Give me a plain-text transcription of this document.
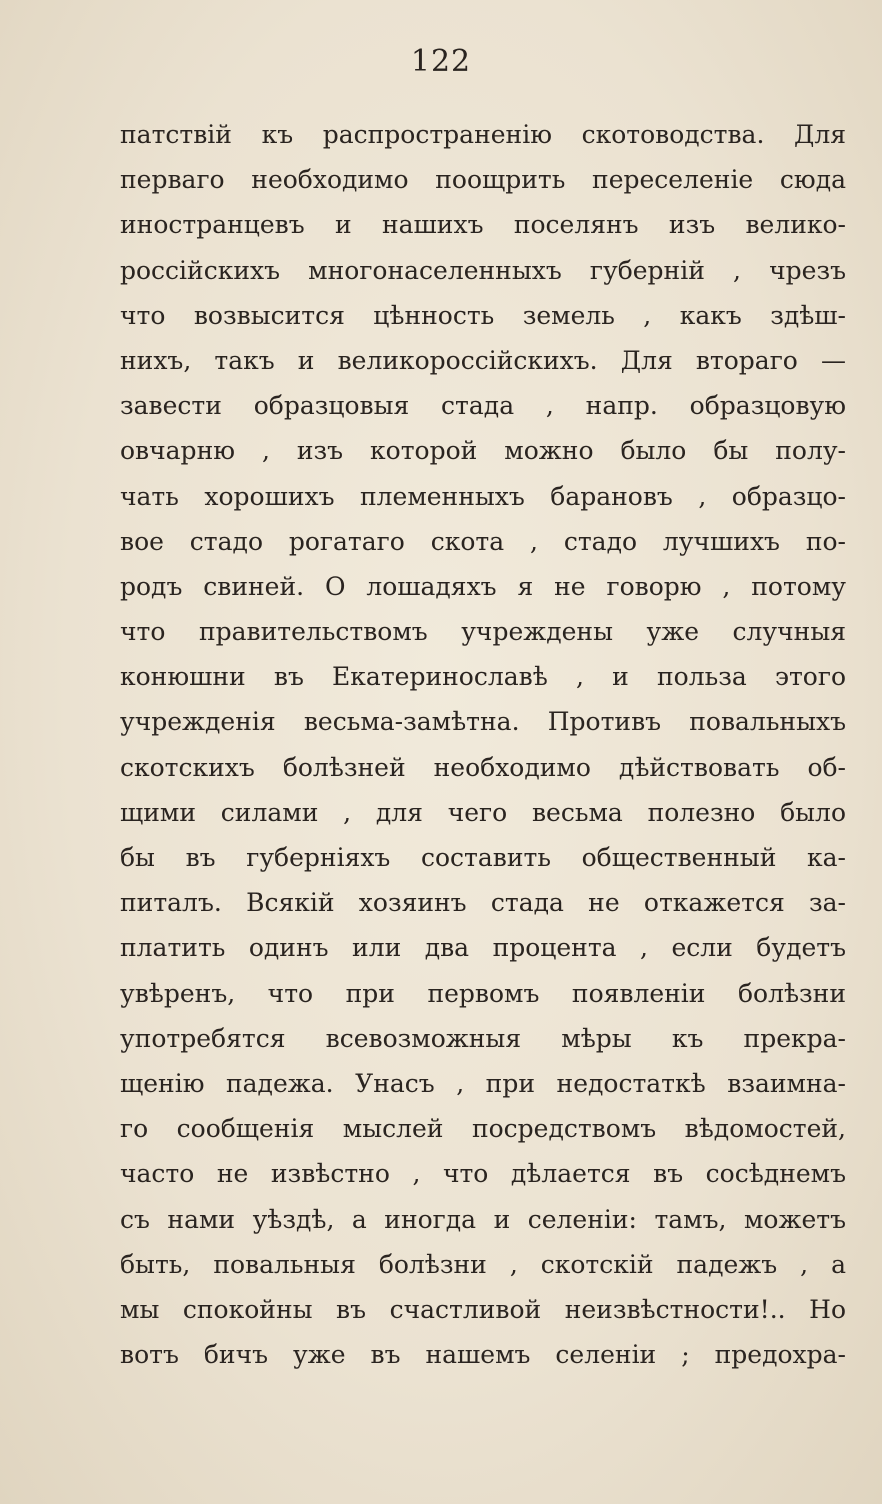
122
патствій къ распространенію скотоводства. Для
перваго необходимо поощрить переселеніе сюда
иностранцевъ и нашихъ поселянъ изъ велико-
россійскихъ многонаселенныхъ губерній , чрезъ
что возвысится цѣнность земель , какъ здѣш-
нихъ, такъ и великороссійскихъ. Для втораго —
завести образцовыя стада , напр. образцовую
овчарню , изъ которой можно было бы полу-
чать хорошихъ племенныхъ барановъ , образцо-
вое стадо рогатаго скота , стадо лучшихъ по-
родъ свиней. О лошадяхъ я не говорю , потому
что правительствомъ учреждены уже случныя
конюшни въ Екатеринославѣ , и польза этого
учрежденія весьма-замѣтна. Противъ повальныхъ
скотскихъ болѣзней необходимо дѣйствовать об-
щими силами , для чего весьма полезно было
бы въ губерніяхъ составить общественный ка-
питалъ. Всякій хозяинъ стада не откажется за-
платить одинъ или два процента , если будетъ
увѣренъ, что при первомъ появленіи болѣзни
употребятся всевозможныя мѣры къ прекра-
щенію падежа. Унасъ , при недостаткѣ взаимна-
го сообщенія мыслей посредствомъ вѣдомостей,
часто не извѣстно , что дѣлается въ сосѣднемъ
съ нами уѣздѣ, а иногда и селеніи: тамъ, можетъ
быть, повальныя болѣзни , скотскій падежъ , а
мы спокойны въ счастливой неизвѣстности!.. Но
вотъ бичъ уже въ нашемъ селеніи ; предохра-
